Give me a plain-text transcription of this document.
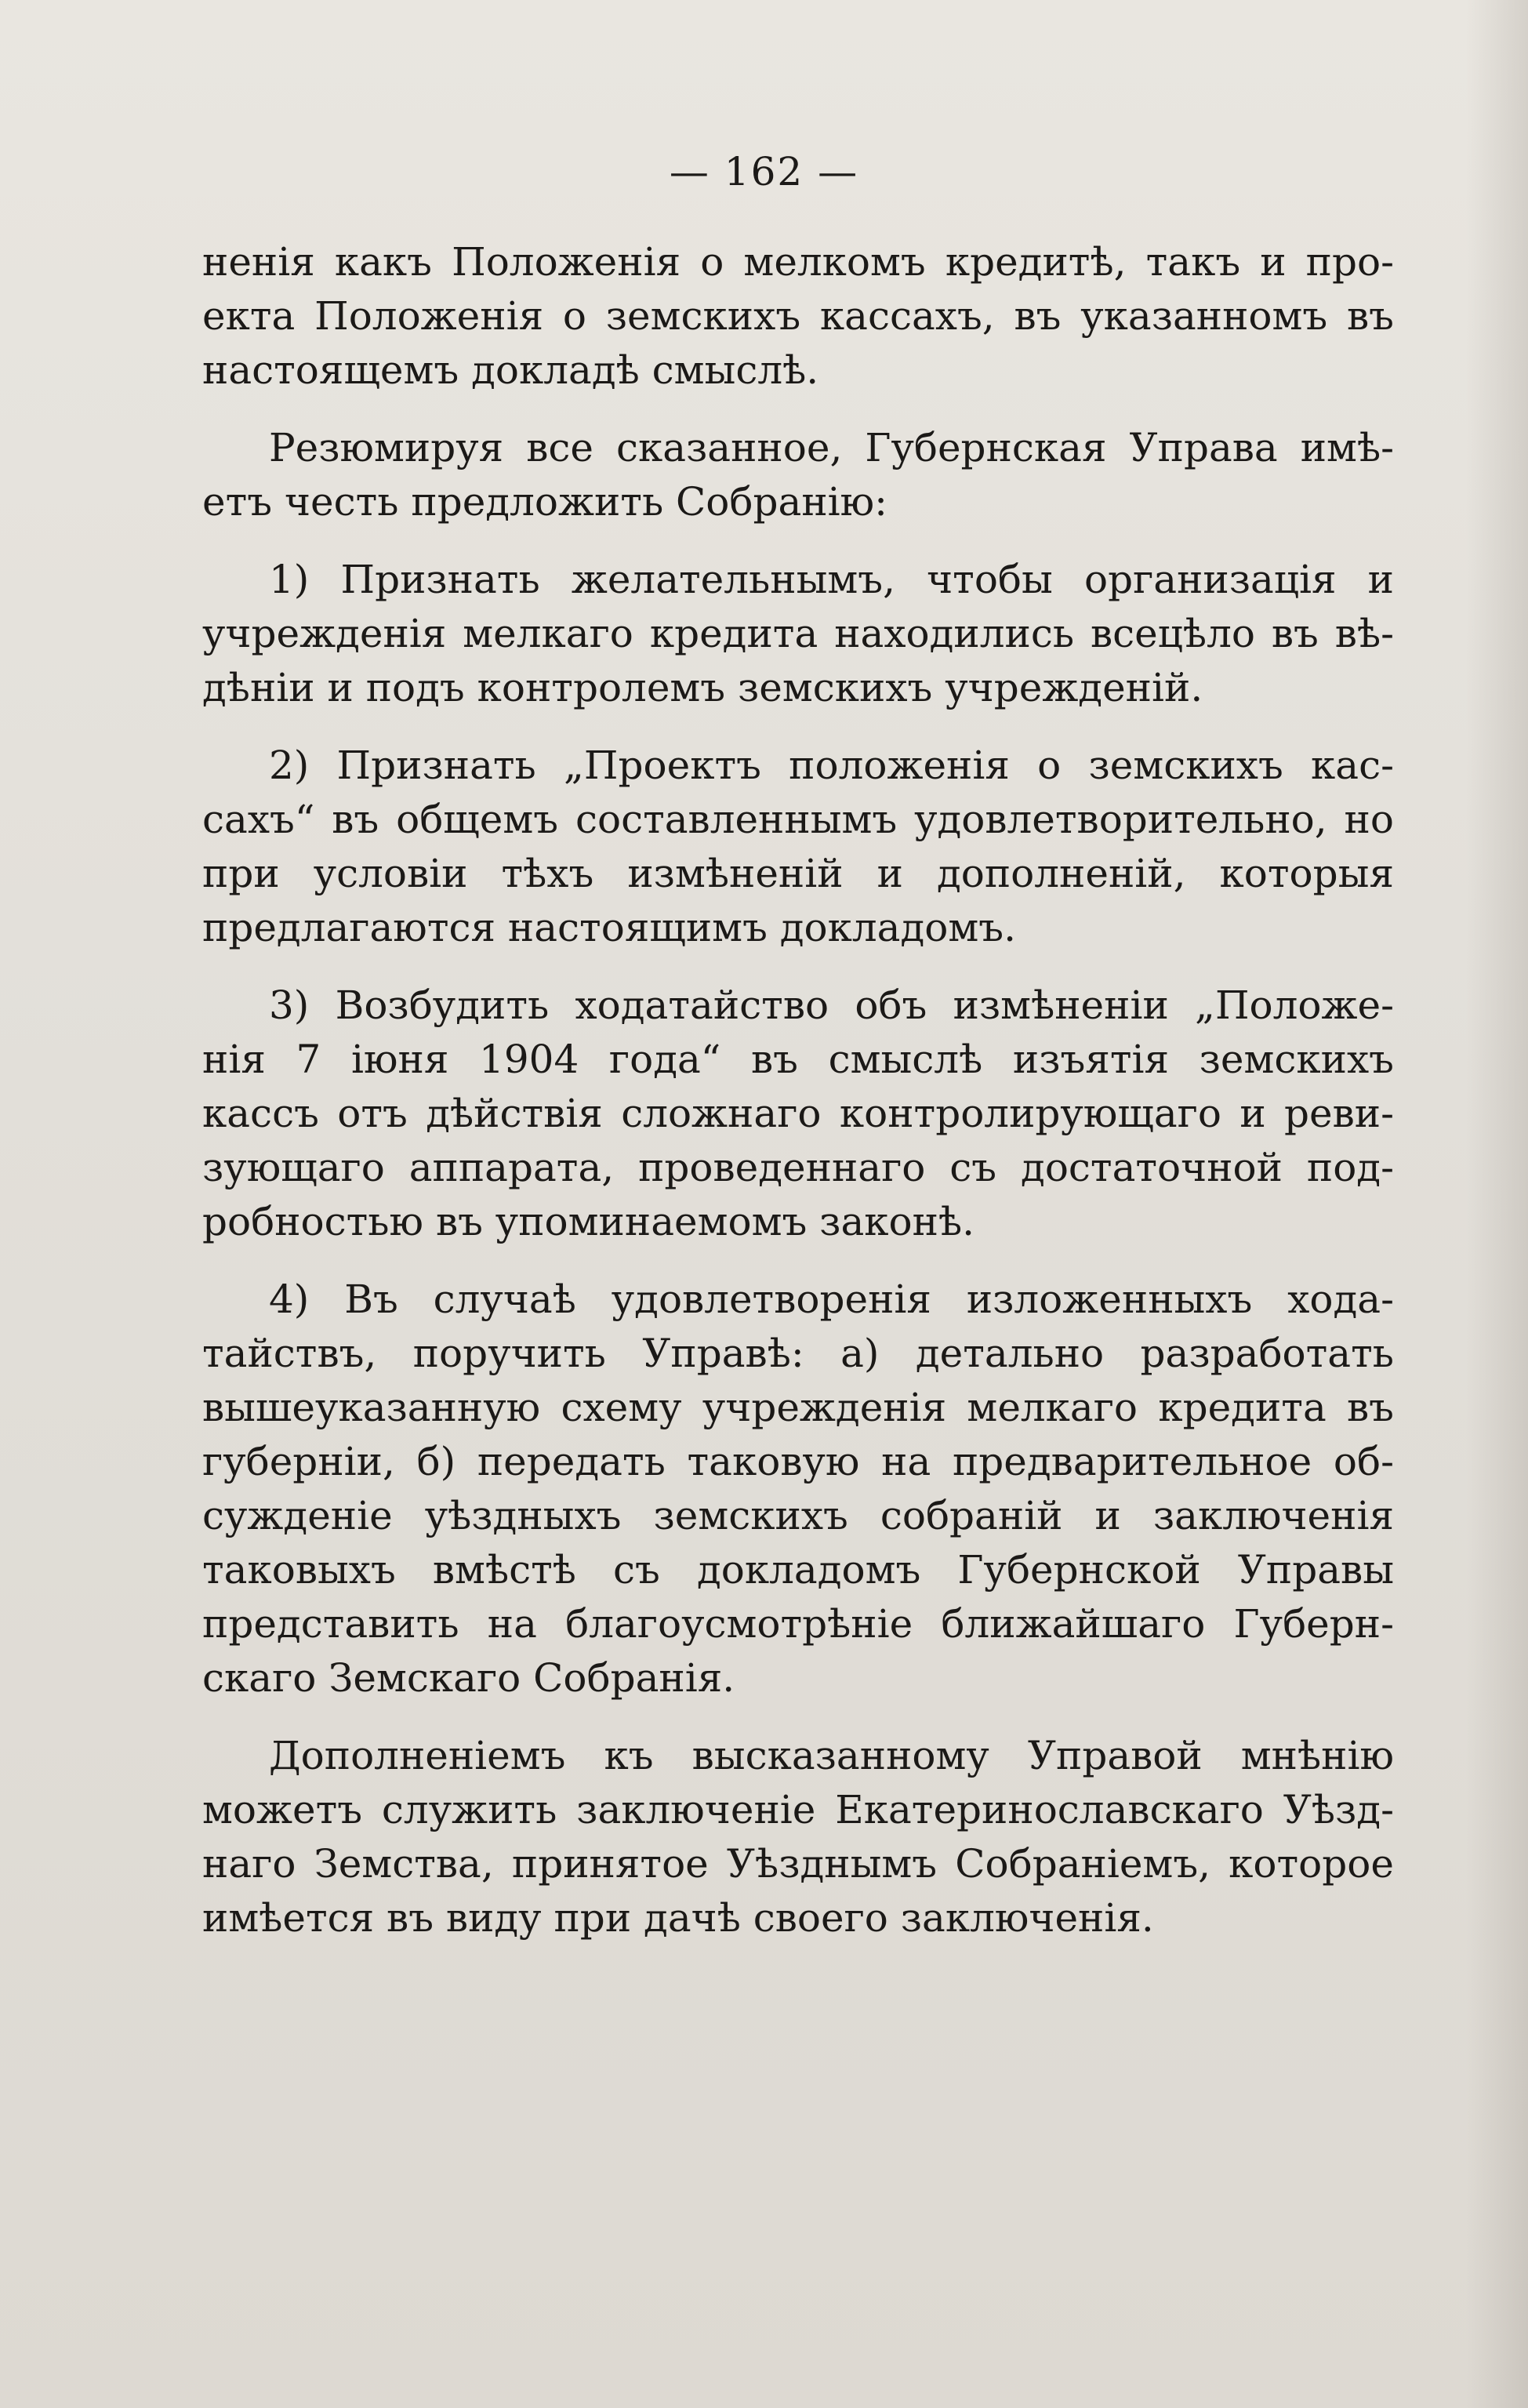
— 162 —
ненія какъ Положенія о мелкомъ кредитѣ, такъ и про-
екта Положенія о земскихъ кассахъ, въ указанномъ въ
настоящемъ докладѣ смыслѣ.
Резюмируя все сказанное, Губернская Управа имѣ-
етъ честь предложить Собранію:
1) Признать желательнымъ, чтобы организація и
учрежденія мелкаго кредита находились всецѣло въ вѣ-
дѣніи и подъ контролемъ земскихъ учрежденій.
2) Признать „Проектъ положенія о земскихъ кас-
сахъ“ въ общемъ составленнымъ удовлетворительно, но
при условіи тѣхъ измѣненій и дополненій, которыя
предлагаются настоящимъ докладомъ.
3) Возбудить ходатайство объ измѣненіи „Положе-
нія 7 іюня 1904 года“ въ смыслѣ изъятія земскихъ
кассъ отъ дѣйствія сложнаго контролирующаго и реви-
зующаго аппарата, проведеннаго съ достаточной под-
робностью въ упоминаемомъ законѣ.
4) Въ случаѣ удовлетворенія изложенныхъ хода-
тайствъ, поручить Управѣ: а) детально разработать
вышеуказанную схему учрежденія мелкаго кредита въ
губерніи, б) передать таковую на предварительное об-
сужденіе уѣздныхъ земскихъ собраній и заключенія
таковыхъ вмѣстѣ съ докладомъ Губернской Управы
представить на благоусмотрѣніе ближайшаго Губерн-
скаго Земскаго Собранія.
Дополненіемъ къ высказанному Управой мнѣнію
можетъ служить заключеніе Екатеринославскаго Уѣзд-
наго Земства, принятое Уѣзднымъ Собраніемъ, которое
имѣется въ виду при дачѣ своего заключенія.
